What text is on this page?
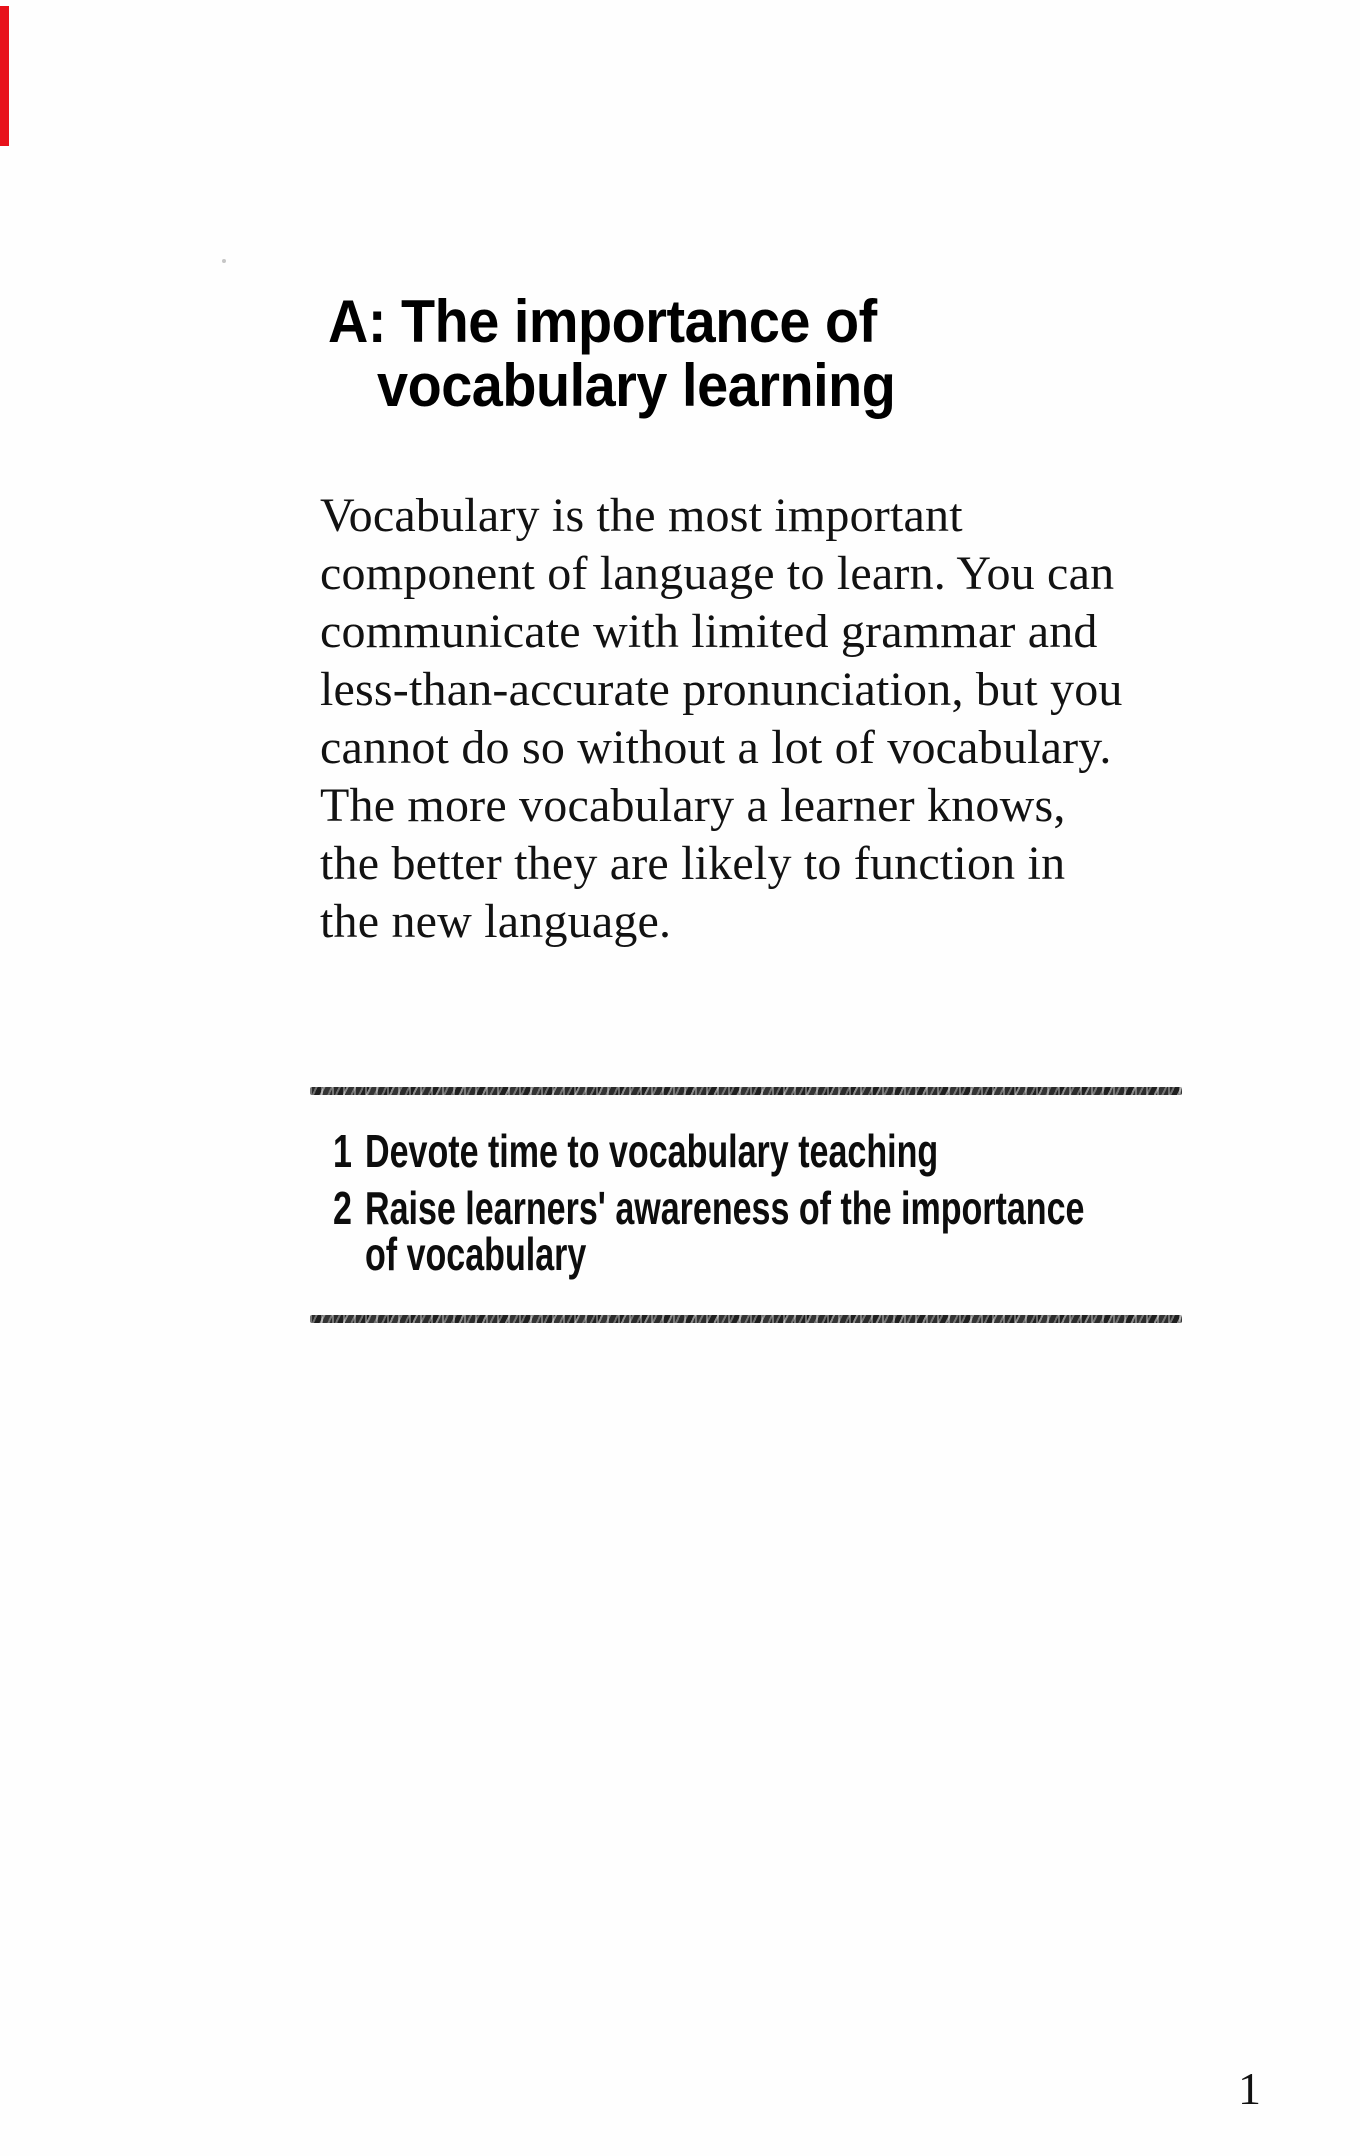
A: The importance of
vocabulary learning
Vocabulary is the most important
component of language to learn. You can
communicate with limited grammar and
less-than-accurate pronunciation, but you
cannot do so without a lot of vocabulary.
The more vocabulary a learner knows,
the better they are likely to function in
the new language.
1 Devote time to vocabulary teaching
2 Raise learners' awareness of the importance
of vocabulary
1
